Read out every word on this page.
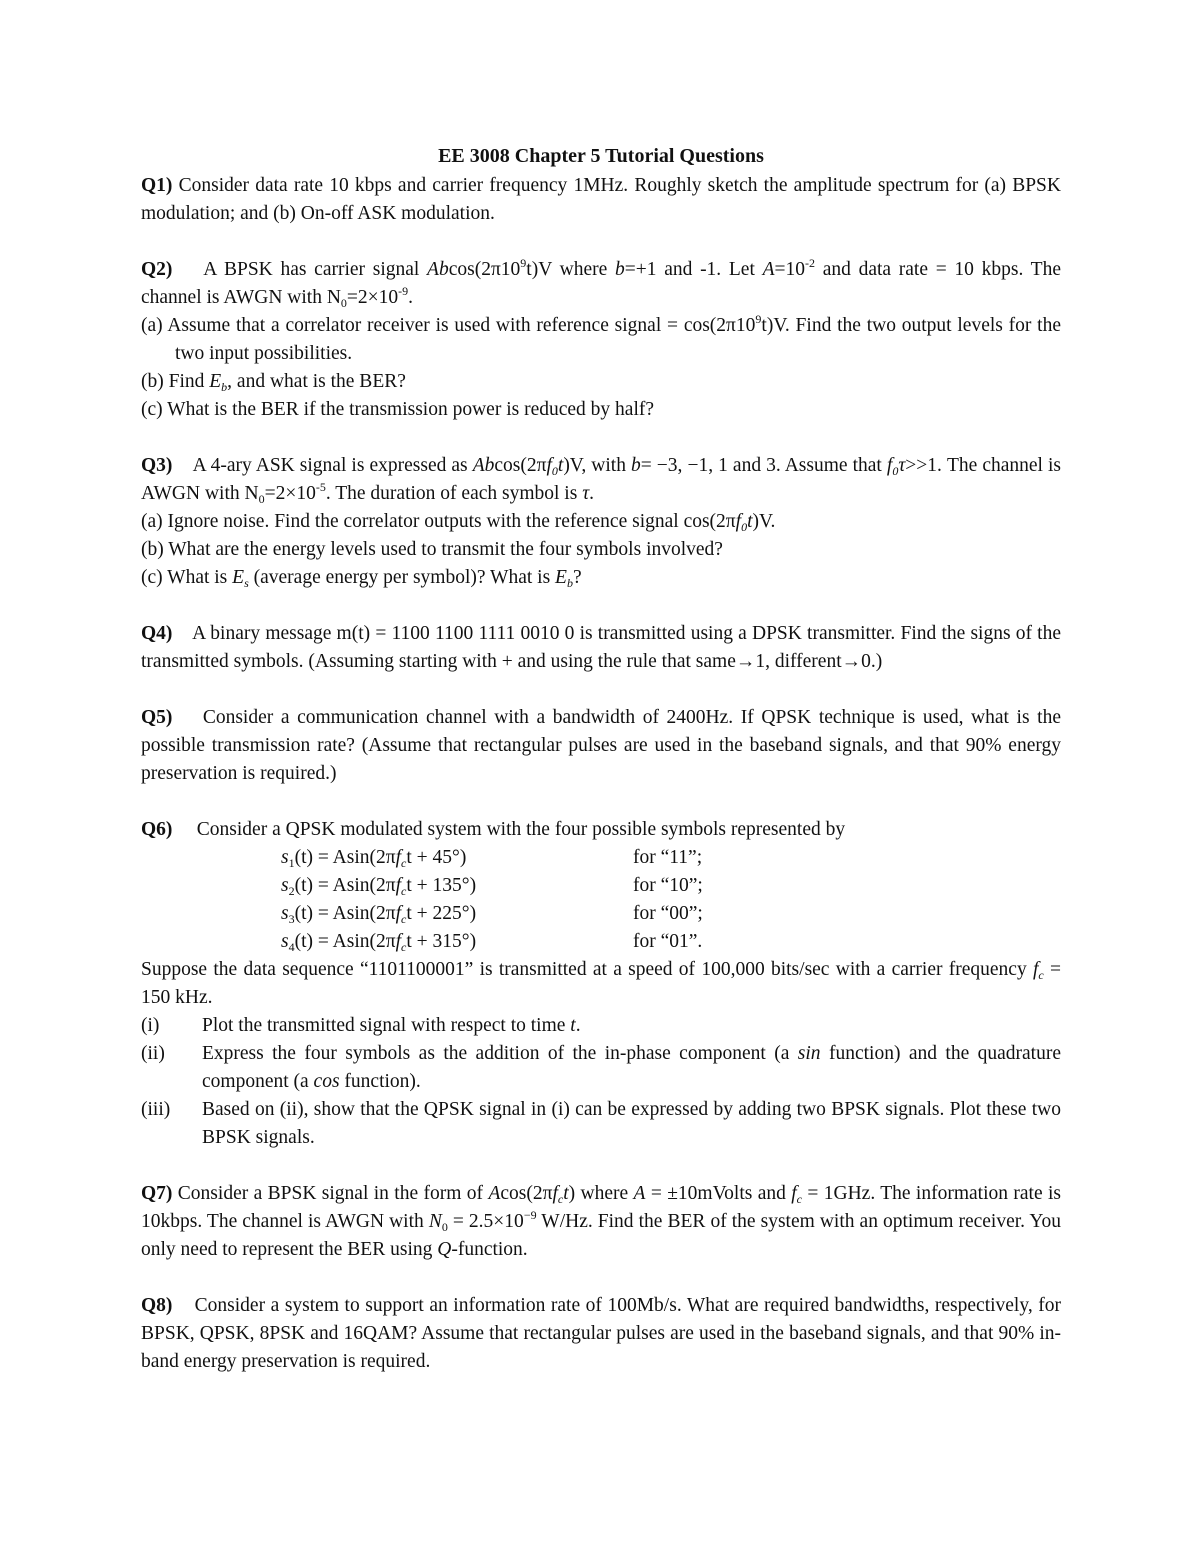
EE 3008 Chapter 5 Tutorial Questions
Q1) Consider data rate 10 kbps and carrier frequency 1MHz. Roughly sketch the amplitude spectrum for (a) BPSK modulation; and (b) On-off ASK modulation.
Q2) A BPSK has carrier signal $Abcos(2\pi 10^9t)V$ where b=+1 and -1. Let $A=10^{-2}$ and data rate = 10 kbps. The channel is AWGN with $N_0=2\times 10^{-9}$.
(a) Assume that a correlator receiver is used with reference signal = $\cos(2\pi 10^9t)V$. Find the two output levels for the two input possibilities.
(b) Find $E_b$, and what is the BER?
(c) What is the BER if the transmission power is reduced by half?
Q3) A 4-ary ASK signal is expressed as $Abcos(2\pi f_0t)V$, with b= −3, −1, 1 and 3. Assume that $f_0\tau>>1$. The channel is AWGN with $N_0=2\times 10^{-5}$. The duration of each symbol is τ.
(a) Ignore noise. Find the correlator outputs with the reference signal $\cos(2\pi f_0t)V$.
(b) What are the energy levels used to transmit the four symbols involved?
(c) What is $E_s$ (average energy per symbol)? What is $E_b$?
Q4)    A binary message m(t) = 1100 1100 1111 0010 0 is transmitted using a DPSK transmitter. Find the signs of the transmitted symbols. (Assuming starting with + and using the rule that same→1, different→0.)
Q5)    Consider a communication channel with a bandwidth of 2400Hz. If QPSK technique is used, what is the possible transmission rate? (Assume that rectangular pulses are used in the baseband signals, and that 90% energy preservation is required.)
Q6) Consider a QPSK modulated system with the four possible symbols represented by
$s_1(t) = Asin(2\pi f_ct + 45^\circ)$	for “11”;
$s_2(t) = Asin(2\pi f_ct + 135^\circ)$	for “10”;
$s_3(t) = Asin(2\pi f_ct + 225^\circ)$	for “00”;
$s_4(t) = Asin(2\pi f_ct + 315^\circ)$	for “01”.
Suppose the data sequence “1101100001” is transmitted at a speed of 100,000 bits/sec with a carrier frequency $f_c = 150$ kHz.
(i)	Plot the transmitted signal with respect to time t.
(ii)	Express the four symbols as the addition of the in-phase component (a sin function) and the quadrature component (a cos function).
(iii)	Based on (ii), show that the QPSK signal in (i) can be expressed by adding two BPSK signals. Plot these two BPSK signals.
Q7) Consider a BPSK signal in the form of $Acos(2\pi f_ct)$ where A = ±10mVolts and $f_c = 1GHz$. The information rate is 10kbps. The channel is AWGN with $N_0 = 2.5\times 10^{-9}$ W/Hz. Find the BER of the system with an optimum receiver. You only need to represent the BER using Q-function.
Q8)    Consider a system to support an information rate of 100Mb/s. What are required bandwidths, respectively, for BPSK, QPSK, 8PSK and 16QAM? Assume that rectangular pulses are used in the baseband signals, and that 90% in-band energy preservation is required.
